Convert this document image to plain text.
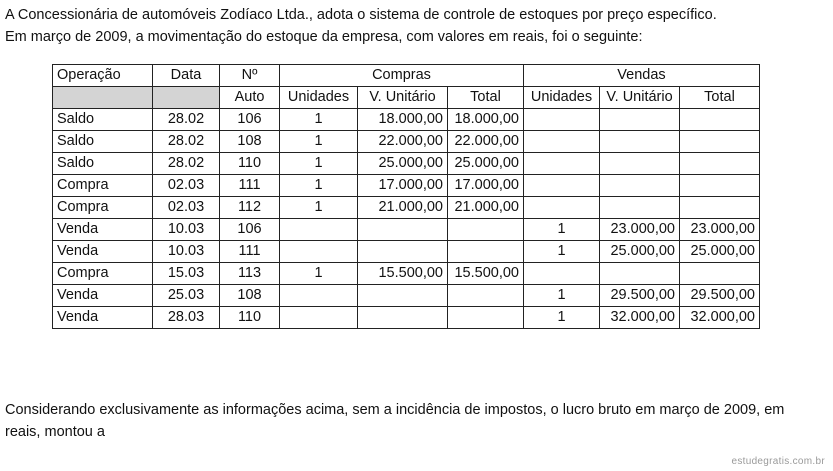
A Concessionária de automóveis Zodíaco Ltda., adota o sistema de controle de estoques por preço específico.

Em março de 2009, a movimentação do estoque da empresa, com valores em reais, foi o seguinte:

Operação	Data	Nº	Compras			Vendas		
		Auto	Unidades	V. Unitário	Total	Unidades	V. Unitário	Total
Saldo	28.02	106	1	18.000,00	18.000,00			
Saldo	28.02	108	1	22.000,00	22.000,00			
Saldo	28.02	110	1	25.000,00	25.000,00			
Compra	02.03	111	1	17.000,00	17.000,00			
Compra	02.03	112	1	21.000,00	21.000,00			
Venda	10.03	106				1	23.000,00	23.000,00
Venda	10.03	111				1	25.000,00	25.000,00
Compra	15.03	113	1	15.500,00	15.500,00			
Venda	25.03	108				1	29.500,00	29.500,00
Venda	28.03	110				1	32.000,00	32.000,00

Considerando exclusivamente as informações acima, sem a incidência de impostos, o lucro bruto em março de 2009, em

reais, montou a

estudegratis.com.br
